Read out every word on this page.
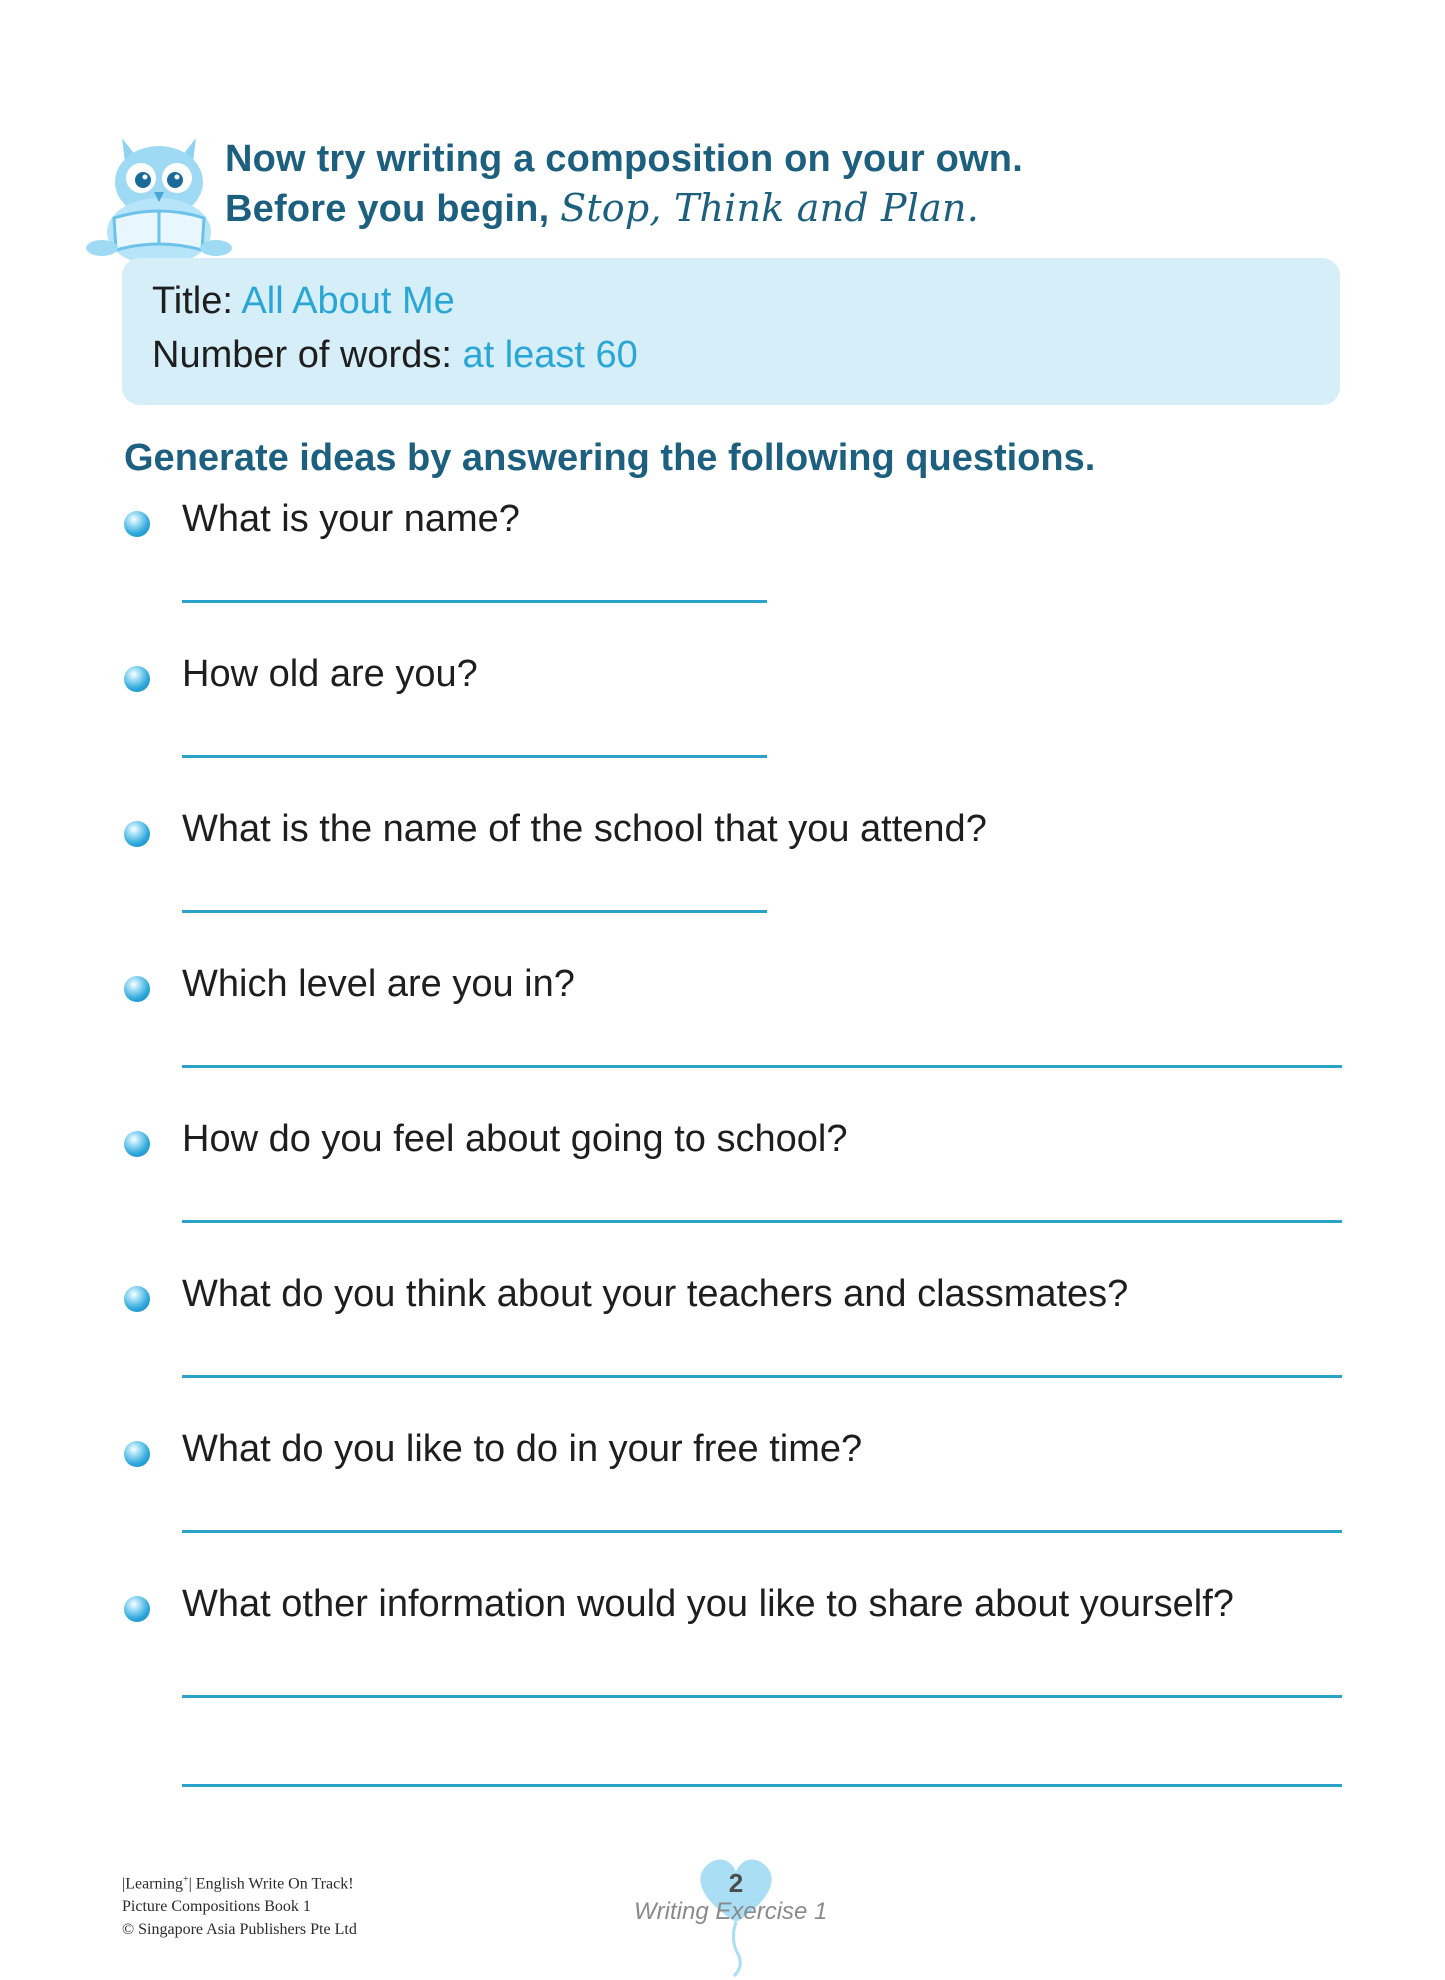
Now try writing a composition on your own.
Before you begin, Stop, Think and Plan.
Title: All About Me
Number of words: at least 60
Generate ideas by answering the following questions.
What is your name?
How old are you?
What is the name of the school that you attend?
Which level are you in?
How do you feel about going to school?
What do you think about your teachers and classmates?
What do you like to do in your free time?
What other information would you like to share about yourself?
|Learning+| English Write On Track!
Picture Compositions Book 1
© Singapore Asia Publishers Pte Ltd
2
Writing Exercise 1
